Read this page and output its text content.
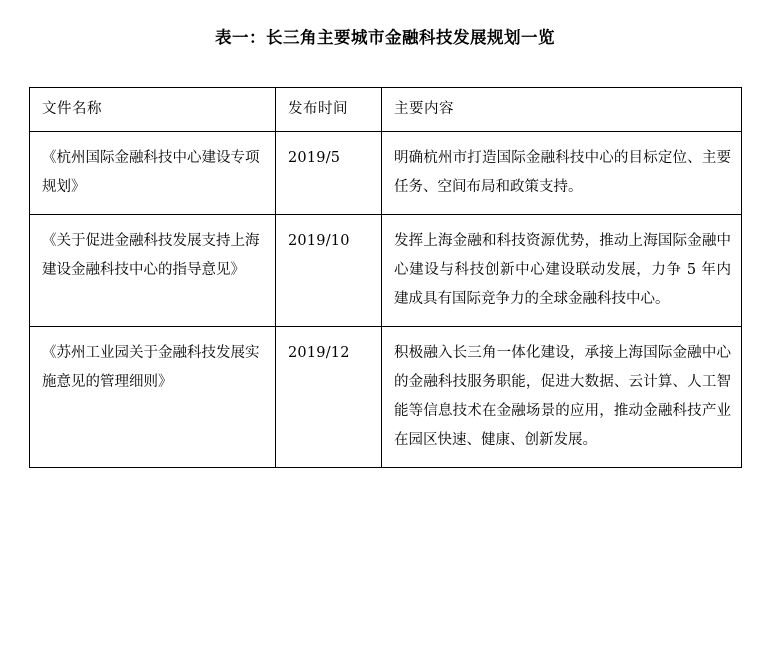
表一：长三角主要城市金融科技发展规划一览
文件名称	发布时间	主要内容
《杭州国际金融科技中心建设专项规划》	2019/5	明确杭州市打造国际金融科技中心的目标定位、主要任务、空间布局和政策支持。
《关于促进金融科技发展支持上海建设金融科技中心的指导意见》	2019/10	发挥上海金融和科技资源优势，推动上海国际金融中心建设与科技创新中心建设联动发展，力争 5 年内建成具有国际竞争力的全球金融科技中心。
《苏州工业园关于金融科技发展实施意见的管理细则》	2019/12	积极融入长三角一体化建设，承接上海国际金融中心的金融科技服务职能，促进大数据、云计算、人工智能等信息技术在金融场景的应用，推动金融科技产业在园区快速、健康、创新发展。
